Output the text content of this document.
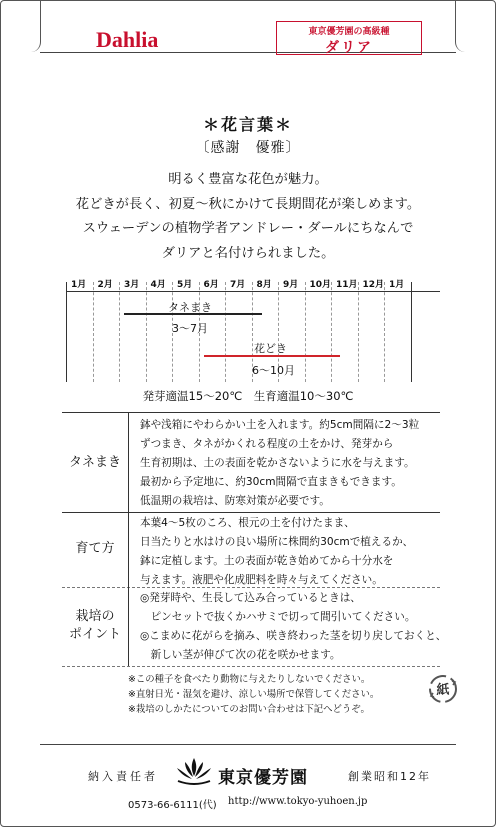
Dahlia	東京優芳園の高級種
ダリア
＊花言葉＊
〔感謝　優雅〕
明るく豊富な花色が魅力。
花どきが長く、初夏～秋にかけて長期間花が楽しめます。
スウェーデンの植物学者アンドレー・ダールにちなんで
ダリアと名付けられました。
1月 2月 3月 4月 5月 6月 7月 8月 9月 10月 11月 12月 1月
タネまき
3～7月
花どき
6～10月
発芽適温15～20℃　生育適温10～30℃
タネまき
鉢や浅箱にやわらかい土を入れます。約5cm間隔に2～3粒
ずつまき、タネがかくれる程度の土をかけ、発芽から
生育初期は、土の表面を乾かさないように水を与えます。
最初から予定地に、約30cm間隔で直まきもできます。
低温期の栽培は、防寒対策が必要です。
育て方
本葉4～5枚のころ、根元の土を付けたまま、
日当たりと水はけの良い場所に株間約30cmで植えるか、
鉢に定植します。土の表面が乾き始めてから十分水を
与えます。液肥や化成肥料を時々与えてください。
栽培の
ポイント
◎発芽時や、生長して込み合っているときは、
　ピンセットで抜くかハサミで切って間引いてください。
◎こまめに花がらを摘み、咲き終わった茎を切り戻しておくと、
　新しい茎が伸びて次の花を咲かせます。
※この種子を食べたり動物に与えたりしないでください。
※直射日光・湿気を避け、涼しい場所で保管してください。
※栽培のしかたについてのお問い合わせは下記へどうぞ。
紙
納入責任者	東京優芳園	創業昭和12年
0573-66-6111(代) http://www.tokyo-yuhoen.jp
